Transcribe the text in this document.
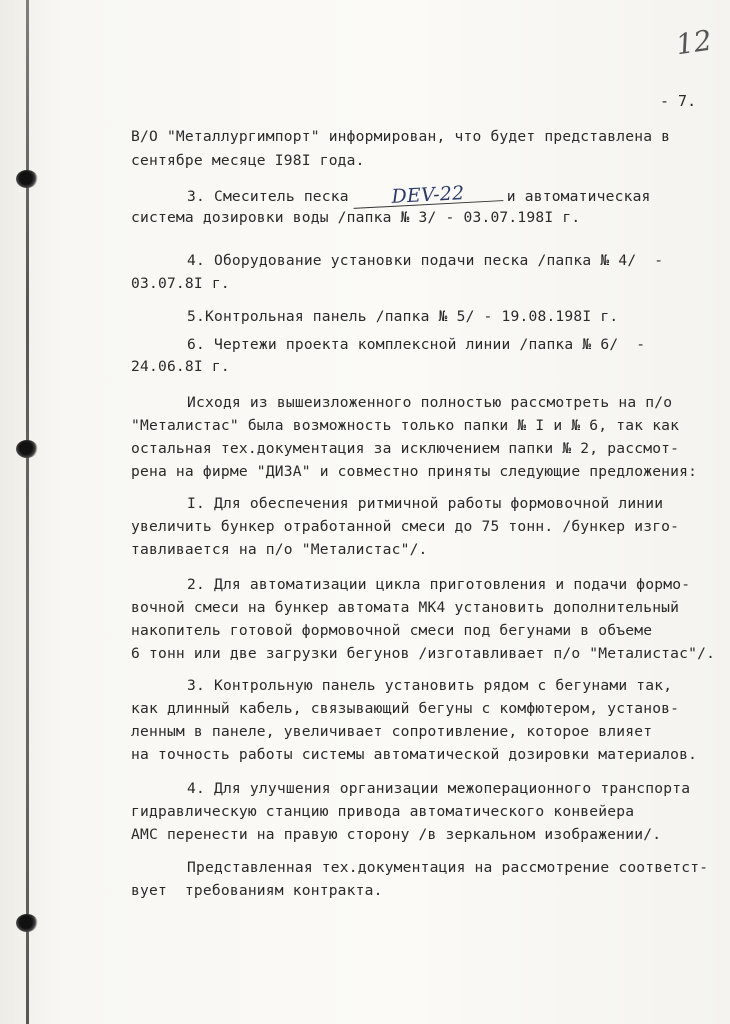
12
- 7.
В/О "Металлургимпорт" информирован, что будет представлена в
сентябре месяце I98I года.
3. Смеситель песка DEV-22	и автоматическая
система дозировки воды /папка № 3/ - 03.07.198I г.
4. Оборудование установки подачи песка /папка № 4/  -
03.07.8I г.
5.Контрольная панель /папка № 5/ - 19.08.198I г.
6. Чертежи проекта комплексной линии /папка № 6/  -
24.06.8I г.
Исходя из вышеизложенного полностью рассмотреть на п/о
"Металистас" была возможность только папки № I и № 6, так как
остальная тех.документация за исключением папки № 2, рассмот-
рена на фирме "ДИЗА" и совместно приняты следующие предложения:
I. Для обеспечения ритмичной работы формовочной линии
увеличить бункер отработанной смеси до 75 тонн. /бункер изго-
тавливается на п/о "Металистас"/.
2. Для автоматизации цикла приготовления и подачи формо-
вочной смеси на бункер автомата МК4 установить дополнительный
накопитель готовой формовочной смеси под бегунами в объеме
6 тонн или две загрузки бегунов /изготавливает п/о "Металистас"/.
3. Контрольную панель установить рядом с бегунами так,
как длинный кабель, связывающий бегуны с комфютером, установ-
ленным в панеле, увеличивает сопротивление, которое влияет
на точность работы системы автоматической дозировки материалов.
4. Для улучшения организации межоперационного транспорта
гидравлическую станцию привода автоматического конвейера
АМС перенести на правую сторону /в зеркальном изображении/.
Представленная тех.документация на рассмотрение соответст-
вует  требованиям контракта.
